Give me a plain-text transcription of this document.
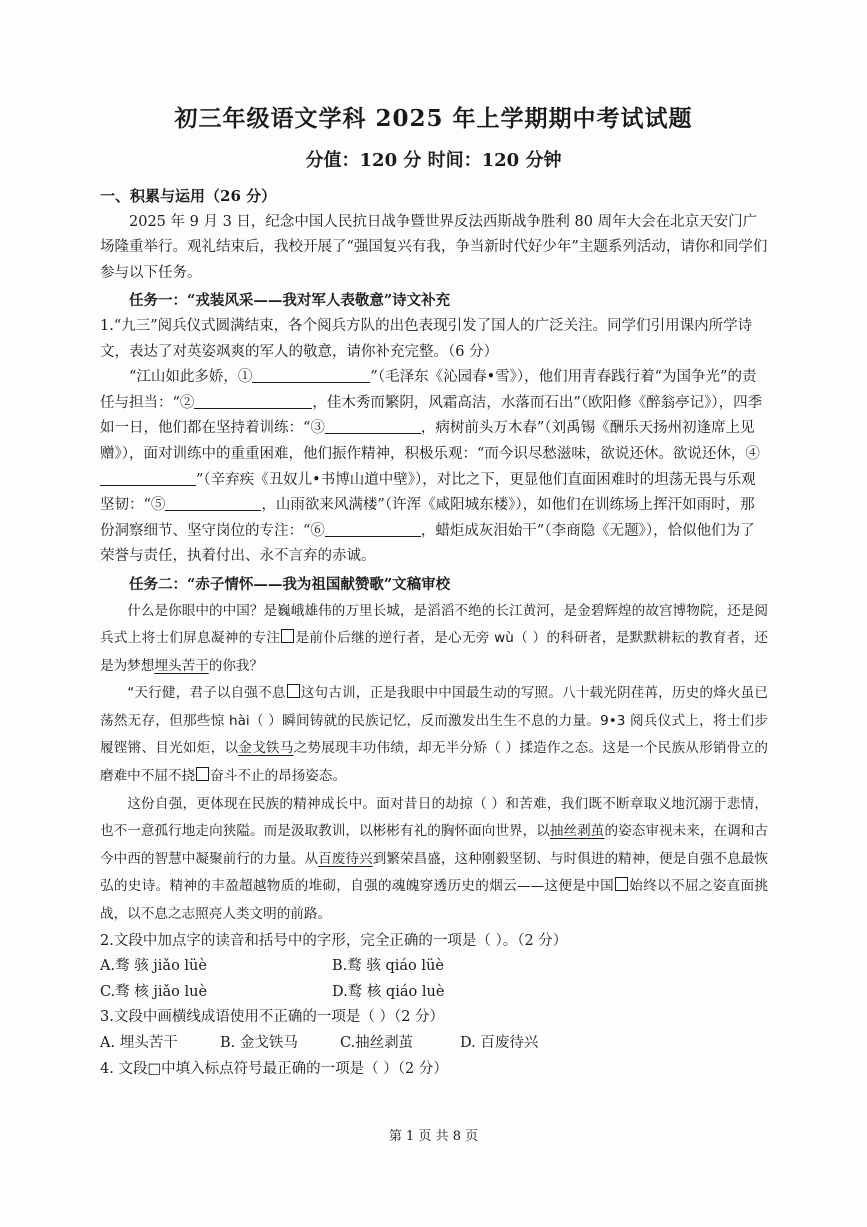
初三年级语文学科 2025 年上学期期中考试试题
分值：120 分 时间：120 分钟

一、积累与运用（26 分）

2025 年 9 月 3 日，纪念中国人民抗日战争暨世界反法西斯战争胜利 80 周年大会在北京天安门广场隆重举行。观礼结束后，我校开展了“强国复兴有我，争当新时代好少年”主题系列活动，请你和同学们参与以下任务。

任务一：“戎装风采——我对军人表敬意”诗文补充

1.“九三”阅兵仪式圆满结束，各个阅兵方队的出色表现引发了国人的广泛关注。同学们引用课内所学诗文，表达了对英姿飒爽的军人的敬意，请你补充完整。（6 分）

“江山如此多娇，①	”（毛泽东《沁园春•雪》），他们用青春践行着“为国争光”的责任与担当：“②	，佳木秀而繁阴，风霜高洁，水落而石出”（欧阳修《醉翁亭记》），四季如一日，他们都在坚持着训练：“③	，病树前头万木春”（刘禹锡《酬乐天扬州初逢席上见赠》），面对训练中的重重困难，他们振作精神，积极乐观：“而今识尽愁滋味，欲说还休。欲说还休，④”（辛弃疾《丑奴儿•书博山道中壁》），对比之下，更显他们直面困难时的坦荡无畏与乐观坚韧：“⑤	，山雨欲来风满楼”（许浑《咸阳城东楼》），如他们在训练场上挥汗如雨时，那份洞察细节、坚守岗位的专注：“⑥	，蜡炬成灰泪始干”（李商隐《无题》），恰似他们为了荣誉与责任，执着付出、永不言弃的赤诚。

任务二：“赤子情怀——我为祖国献赞歌”文稿审校

什么是你眼中的中国？是巍峨雄伟的万里长城，是滔滔不绝的长江黄河，是金碧辉煌的故宫博物院，还是阅兵式上将士们屏息凝神的专注 是前仆后继的逆行者，是心无旁 wù（ ）的科研者，是默默耕耘的教育者，还是为梦想埋头苦干的你我？

“天行健，君子以自强不息 这句古训，正是我眼中中国最生动的写照。八十载光阴荏苒，历史的烽火虽已荡然无存，但那些惊 hài（ ）瞬间铸就的民族记忆，反而激发出生生不息的力量。9•3 阅兵仪式上，将士们步履铿锵、目光如炬，以金戈铁马之势展现丰功伟绩，却无半分矫（ ）揉造作之态。这是一个民族从形销骨立的磨难中不屈不挠 奋斗不止的昂扬姿态。

这份自强，更体现在民族的精神成长中。面对昔日的劫掠（ ）和苦难，我们既不断章取义地沉溺于悲情，也不一意孤行地走向狭隘。而是汲取教训，以彬彬有礼的胸怀面向世界，以抽丝剥茧的姿态审视未来，在调和古今中西的智慧中凝聚前行的力量。从百废待兴到繁荣昌盛，这种刚毅坚韧、与时俱进的精神，便是自强不息最恢弘的史诗。精神的丰盈超越物质的堆砌，自强的魂魄穿透历史的烟云——这便是中国 始终以不屈之姿直面挑战，以不息之志照亮人类文明的前路。

2.文段中加点字的读音和括号中的字形，完全正确的一项是（ ）。（2 分）

A.骛 骇 jiǎo lüè	B.鹜 骇 qiáo lüè
C.骛 核 jiǎo luè	D.鹜 核 qiáo luè

3.文段中画横线成语使用不正确的一项是（ ）（2 分）

A. 埋头苦干	B. 金戈铁马	C.抽丝剥茧	D. 百废待兴

4. 文段□中填入标点符号最正确的一项是（ ）（2 分）

第 1 页 共 8 页
